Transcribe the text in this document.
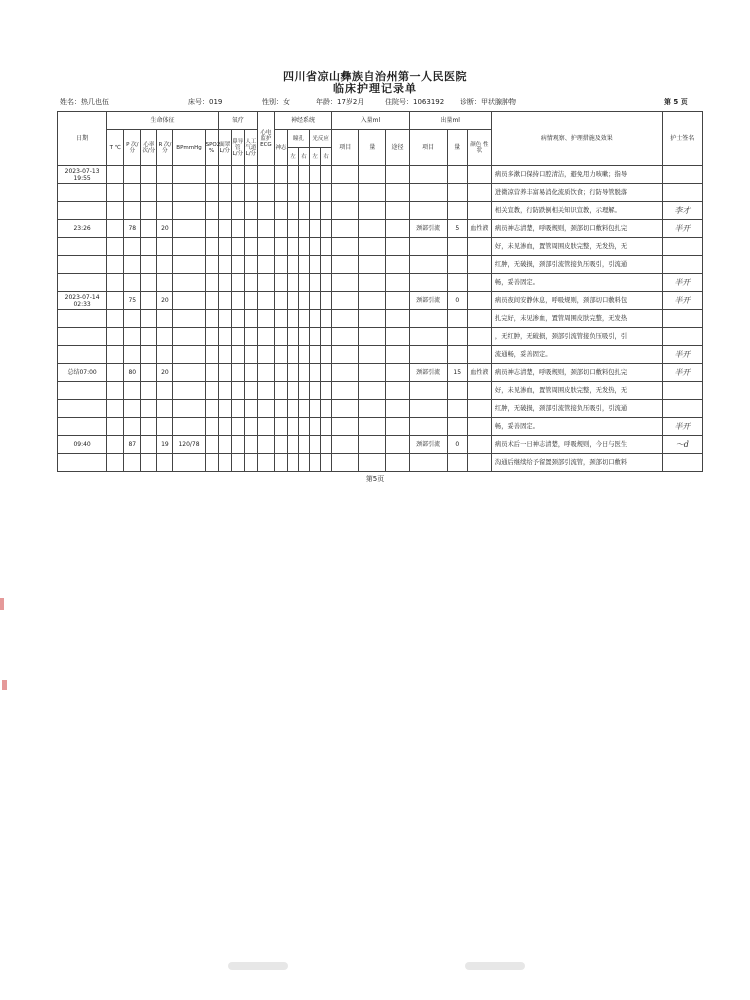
四川省凉山彝族自治州第一人民医院
临床护理记录单
姓名：热几也伍	床号：019	性别：女	年龄：17岁2月	住院号：1063192 诊断：甲状腺肿物	第 5 页
日期	生命体征						氧疗			心电监护 ECG	神经系统					入量ml			出量ml			病情观察、护理措施及效果	护士签名
	T ℃	P 次/分	心率 次/分	R 次/分	BPmmHg	SPO2 %	面罩 L/分	鼻导管 L/分	人工气道 L/分		神志	瞳孔		光反应		项目	量	途径	项目	量	颜色 性状		
												左	右	左	右								

2023-07-13
19:55																						病员多漱口保持口腔清洁，避免用力咳嗽；指导	

																						进微凉营养丰富易消化流质饮食；行防导管脱落	

																						相关宣教，行防跌倒相关知识宣教，示理解。	李才

23:26		78		20															颈部引流	5	血性液	病员神志清楚，呼吸规则，颈部切口敷料包扎完	半开

																						好，未见渗血，置管周围皮肤完整，无发热，无	

																						红肿，无破损，颈部引流管接负压吸引，引流通	

																						畅，妥善固定。	半开

2023-07-14
02:33		75		20															颈部引流	0		病员夜间安静休息，呼吸规则，颈部切口敷料包	半开

																						扎完好，未见渗血，置管周围皮肤完整，无发热	

																						，无红肿，无破损，颈部引流管接负压吸引，引	

																						流通畅，妥善固定。	半开

总结07:00		80		20															颈部引流	15	血性液	病员神志清楚，呼吸规则，颈部切口敷料包扎完	半开

																						好，未见渗血，置管周围皮肤完整，无发热，无	

																						红肿，无破损，颈部引流管接负压吸引，引流通	

																						畅，妥善固定。	半开

09:40		87		19	120/78														颈部引流	0		病员术后一日神志清楚，呼吸规则，今日与医生	～d

																						沟通后继续给予留置颈部引流管，颈部切口敷料	
第5页
